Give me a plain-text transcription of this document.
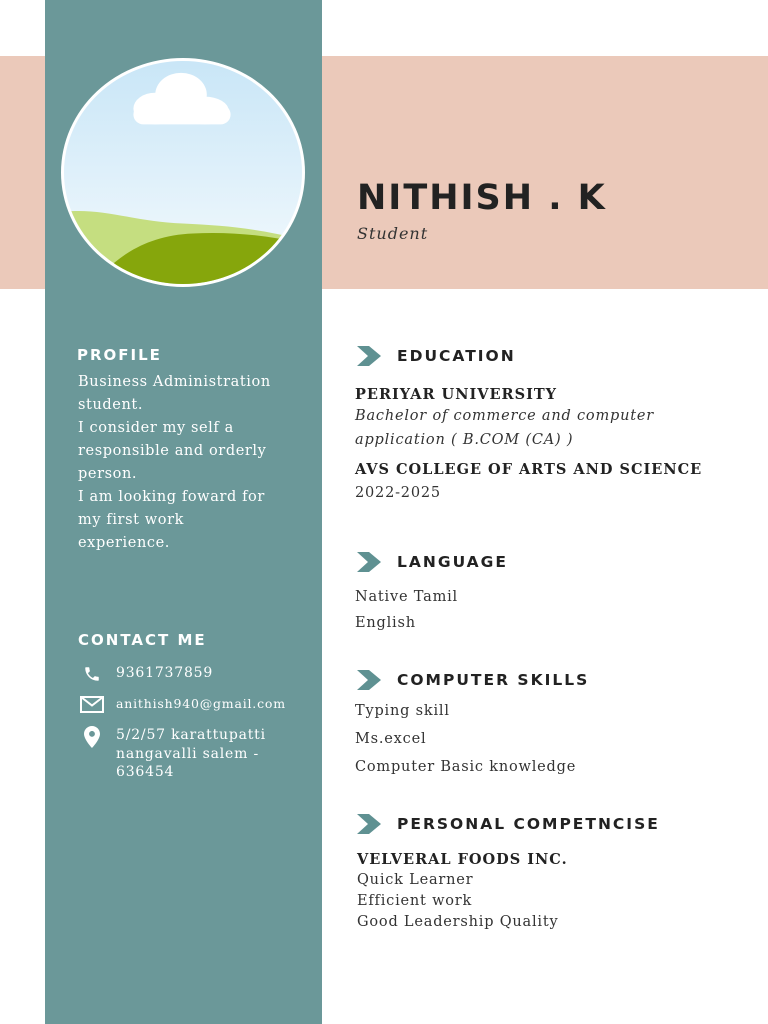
NITHISH . K
Student
PROFILE
Business Administration
student.
I consider my self a
responsible and orderly
person.
I am looking foward for
my first work
experience.
CONTACT ME
9361737859
anithish940@gmail.com
5/2/57 karattupatti
nangavalli salem -
636454
EDUCATION
PERIYAR UNIVERSITY
Bachelor of commerce and computer
application ( B.COM (CA) )
AVS COLLEGE OF ARTS AND SCIENCE
2022-2025
LANGUAGE
Native Tamil
English
COMPUTER SKILLS
Typing skill
Ms.excel
Computer Basic knowledge
PERSONAL COMPETNCISE
VELVERAL FOODS INC.
Quick Learner
Efficient work
Good Leadership Quality
